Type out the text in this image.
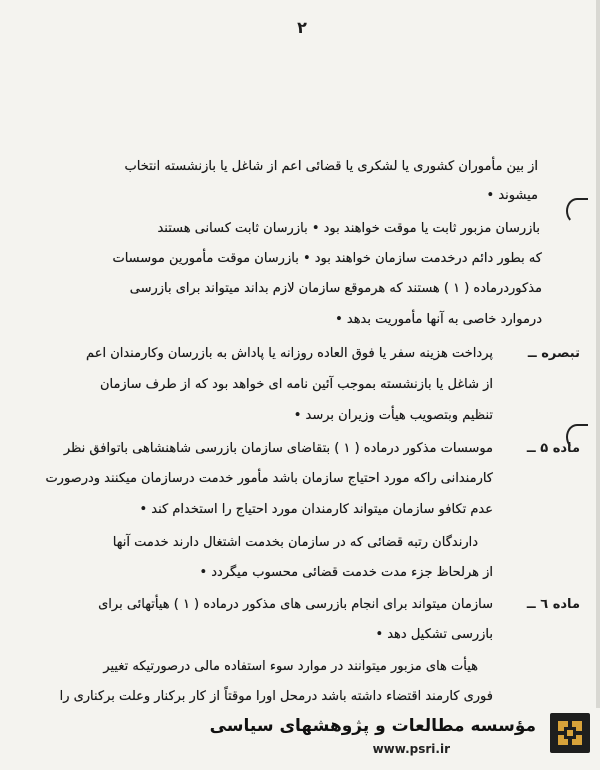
۲
از بین مأموران کشوری یا لشکری یا قضائی اعم از شاغل یا بازنشسته انتخاب
میشوند •
بازرسان مزبور ثابت یا موقت خواهند بود • بازرسان ثابت کسانی هستند
که بطور دائم درخدمت سازمان خواهند بود • بازرسان موقت مأمورین موسسات
مذکوردرماده ( ۱ ) هستند که هرموقع سازمان لازم بداند میتواند برای بازرسی
درموارد خاصی به آنها مأموریت بدهد •
پرداخت هزینه سفر یا فوق العاده روزانه یا پاداش به بازرسان وکارمندان اعم
از شاغل یا بازنشسته بموجب آئین نامه ای خواهد بود که از طرف سازمان
تنظیم وبتصویب هیأت وزیران برسد •
موسسات مذکور درماده ( ۱ ) بتقاضای سازمان بازرسی شاهنشاهی باتوافق نظر
کارمندانی راکه مورد احتیاج سازمان باشد مأمور خدمت درسازمان میکنند ودرصورت
عدم تکافو سازمان میتواند کارمندان مورد احتیاج را استخدام کند •
دارندگان رتبه قضائی که در سازمان بخدمت اشتغال دارند خدمت آنها
از هرلحاظ جزء مدت خدمت قضائی محسوب میگردد •
سازمان میتواند برای انجام بازرسی های مذکور درماده ( ۱ ) هیأتهائی برای
بازرسی تشکیل دهد •
هیأت های مزبور میتوانند در موارد سوء استفاده مالی درصورتیکه تغییر
فوری کارمند اقتضاء داشته باشد درمحل اورا موقتاً از کار برکنار وعلت برکناری را
تبصره ــ
ماده ۵ ــ
ماده ٦ ــ
مؤسسه مطالعات و پژوهشهای سیاسی
www.psri.ir
